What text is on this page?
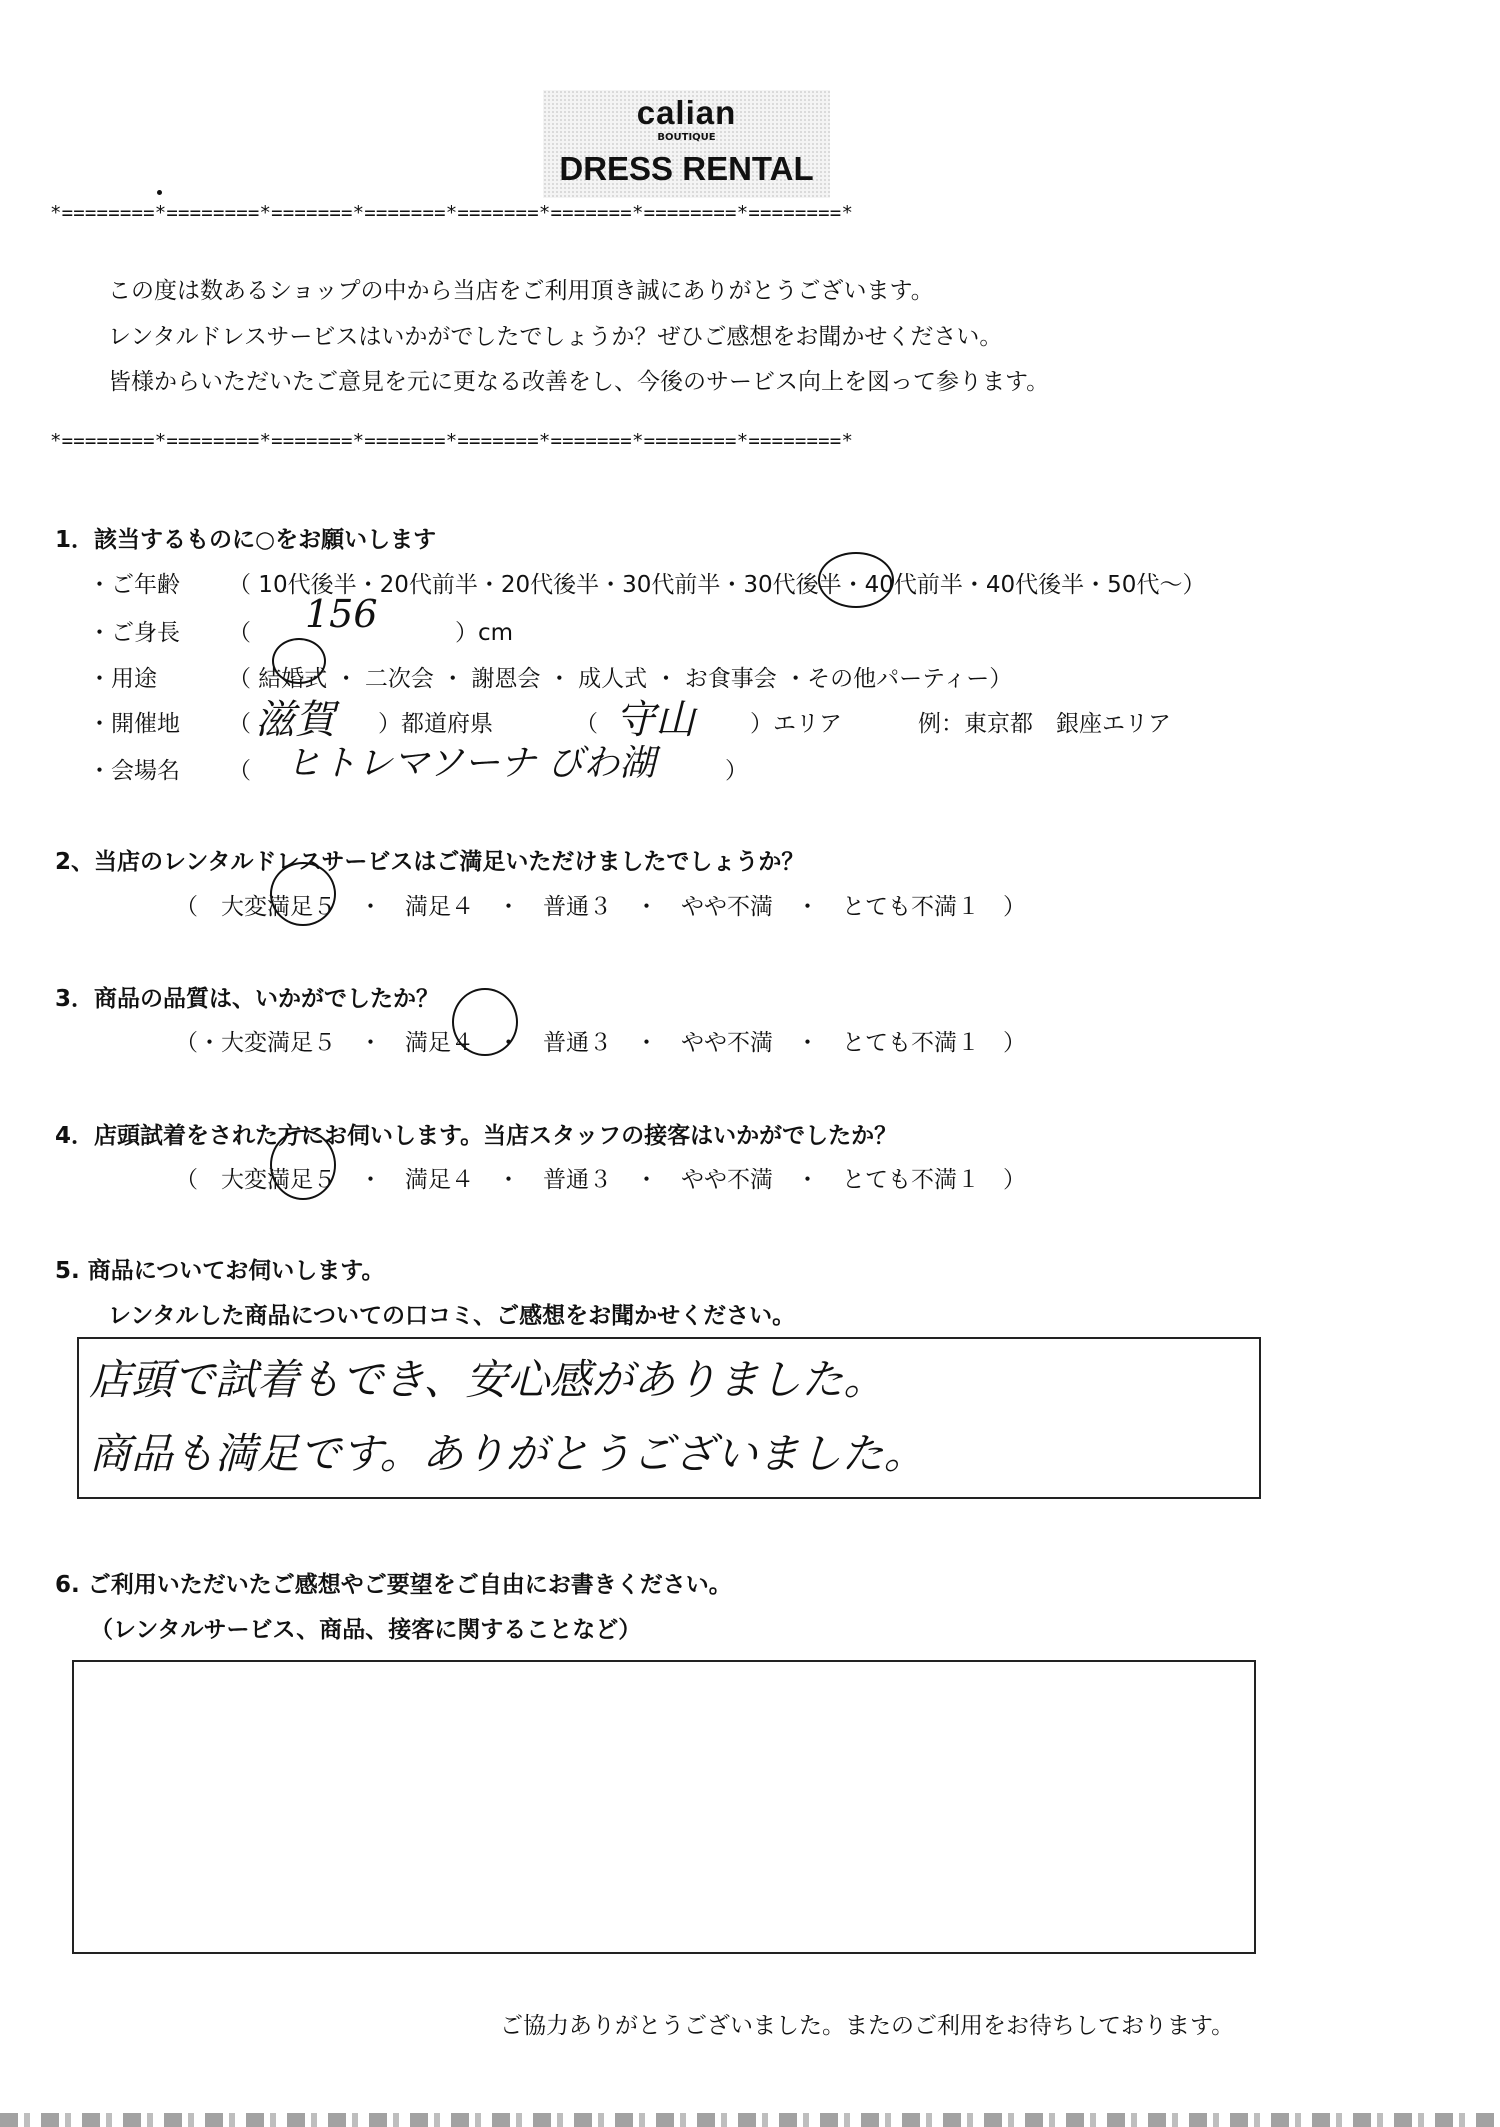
calian
BOUTIQUE
DRESS RENTAL
*========*========*=======*=======*=======*=======*========*========*
この度は数あるショップの中から当店をご利用頂き誠にありがとうございます。
レンタルドレスサービスはいかがでしたでしょうか？ぜひご感想をお聞かせください。
皆様からいただいたご意見を元に更なる改善をし、今後のサービス向上を図って参ります。
*========*========*=======*=======*=======*=======*========*========*
1．該当するものに○をお願いします
・ご年齢 （ 10代後半・20代前半・20代後半・30代前半・30代後半・40代前半・40代後半・50代～）
・ご身長 （ 156	）cm
・用途	（ 結婚式 ・ 二次会 ・ 謝恩会 ・ 成人式 ・ お食事会 ・その他パーティー）
・開催地 （ 滋賀 ）都道府県	（ 守山 ）エリア	例：東京都　銀座エリア
・会場名 （ ヒトレマソーナ びわ湖	）
2、当店のレンタルドレスサービスはご満足いただけましたでしょうか？
（　大変満足５　・　満足４　・　普通３　・　やや不満　・　とても不満１　）
3．商品の品質は、いかがでしたか？
（・大変満足５　・　満足４　・　普通３　・　やや不満　・　とても不満１　）
4．店頭試着をされた方にお伺いします。当店スタッフの接客はいかがでしたか？
（　大変満足５　・　満足４　・　普通３　・　やや不満　・　とても不満１　）
5. 商品についてお伺いします。
レンタルした商品についての口コミ、ご感想をお聞かせください。
店頭で試着もでき、安心感がありました。
商品も満足です。ありがとうございました。
6. ご利用いただいたご感想やご要望をご自由にお書きください。
（レンタルサービス、商品、接客に関することなど）
ご協力ありがとうございました。またのご利用をお待ちしております。
